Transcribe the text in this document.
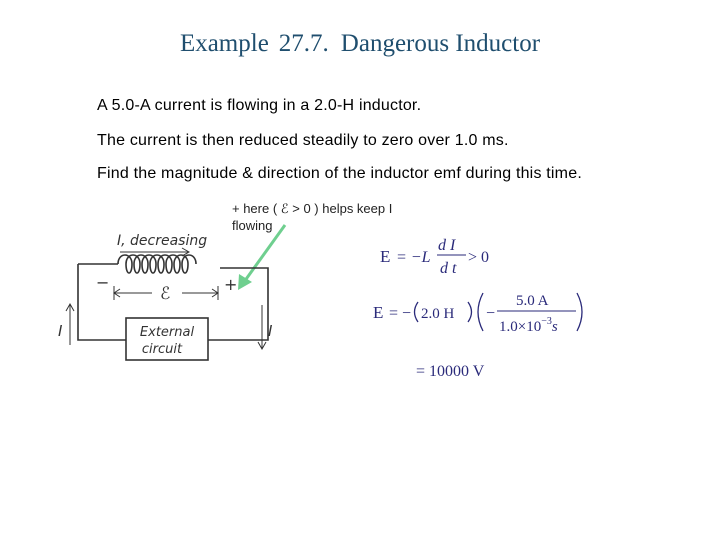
Example 27.7. Dangerous Inductor
A 5.0-A current is flowing in a 2.0-H inductor.
The current is then reduced steadily to zero over 1.0 ms.
Find the magnitude & direction of the inductor emf during this time.
+ here ( ℰ > 0 ) helps keep I
flowing
I, decreasing
−
ℰ	+
I	I
External
circuit
E = −L
d I
d t
> 0
E = − 2.0 H −
5.0 A
$1.0\times 10^{-3}s$
= 10000 V
